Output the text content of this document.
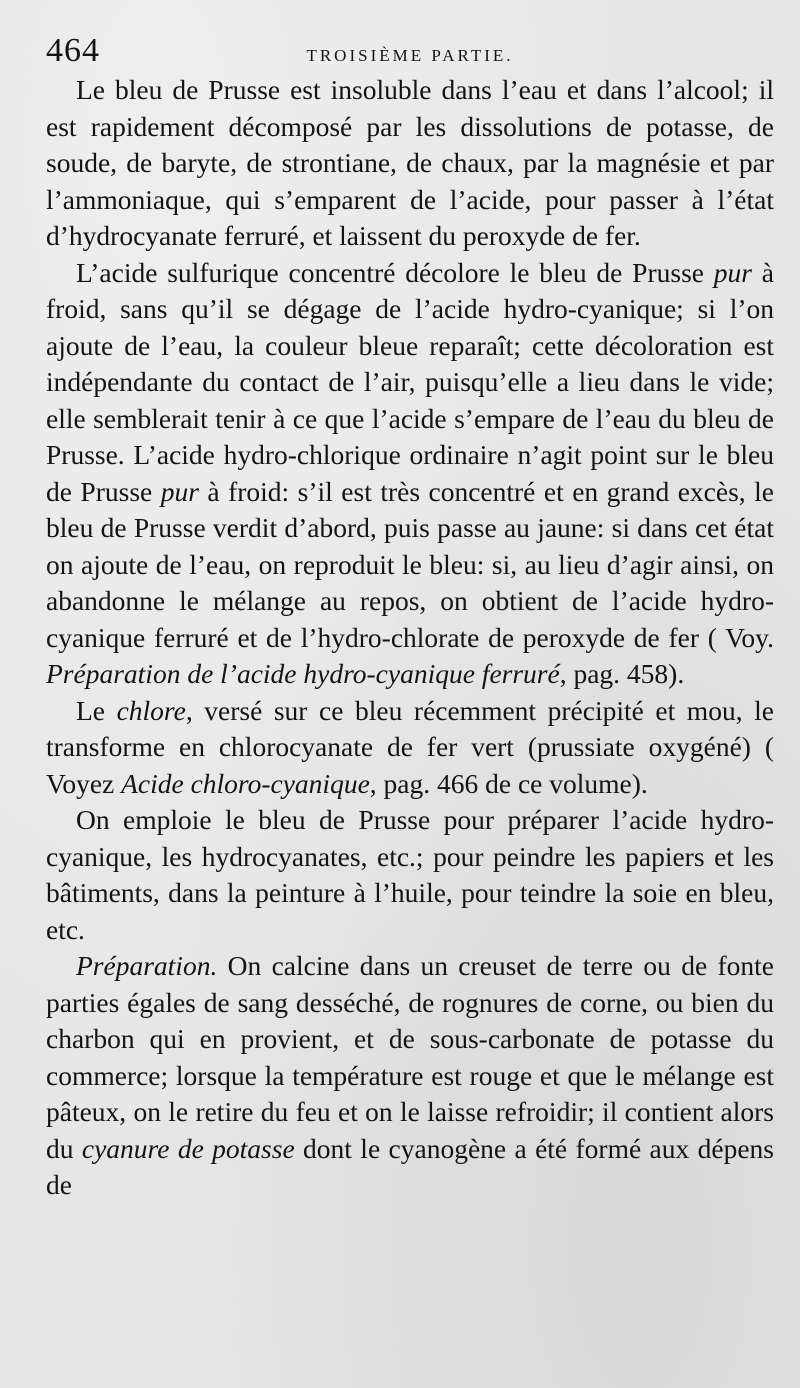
464	TROISIÈME PARTIE.

Le bleu de Prusse est insoluble dans l’eau et dans l’alcool; il est rapidement décomposé par les dissolutions de potasse, de soude, de baryte, de strontiane, de chaux, par la magnésie et par l’ammoniaque, qui s’emparent de l’acide, pour passer à l’état d’hydrocyanate ferruré, et laissent du peroxyde de fer.

L’acide sulfurique concentré décolore le bleu de Prusse pur à froid, sans qu’il se dégage de l’acide hydro-cyanique; si l’on ajoute de l’eau, la couleur bleue reparaît; cette décoloration est indépendante du contact de l’air, puisqu’elle a lieu dans le vide; elle semblerait tenir à ce que l’acide s’empare de l’eau du bleu de Prusse. L’acide hydro-chlorique ordinaire n’agit point sur le bleu de Prusse pur à froid: s’il est très concentré et en grand excès, le bleu de Prusse verdit d’abord, puis passe au jaune: si dans cet état on ajoute de l’eau, on reproduit le bleu: si, au lieu d’agir ainsi, on abandonne le mélange au repos, on obtient de l’acide hydro-cyanique ferruré et de l’hydro-chlorate de peroxyde de fer ( Voy. Préparation de l’acide hydro-cyanique ferruré, pag. 458).

Le chlore, versé sur ce bleu récemment précipité et mou, le transforme en chlorocyanate de fer vert (prussiate oxygéné) ( Voyez Acide chloro-cyanique, pag. 466 de ce volume).

On emploie le bleu de Prusse pour préparer l’acide hydro-cyanique, les hydrocyanates, etc.; pour peindre les papiers et les bâtiments, dans la peinture à l’huile, pour teindre la soie en bleu, etc.

Préparation. On calcine dans un creuset de terre ou de fonte parties égales de sang desséché, de rognures de corne, ou bien du charbon qui en provient, et de sous-carbonate de potasse du commerce; lorsque la température est rouge et que le mélange est pâteux, on le retire du feu et on le laisse refroidir; il contient alors du cyanure de potasse dont le cyanogène a été formé aux dépens de
